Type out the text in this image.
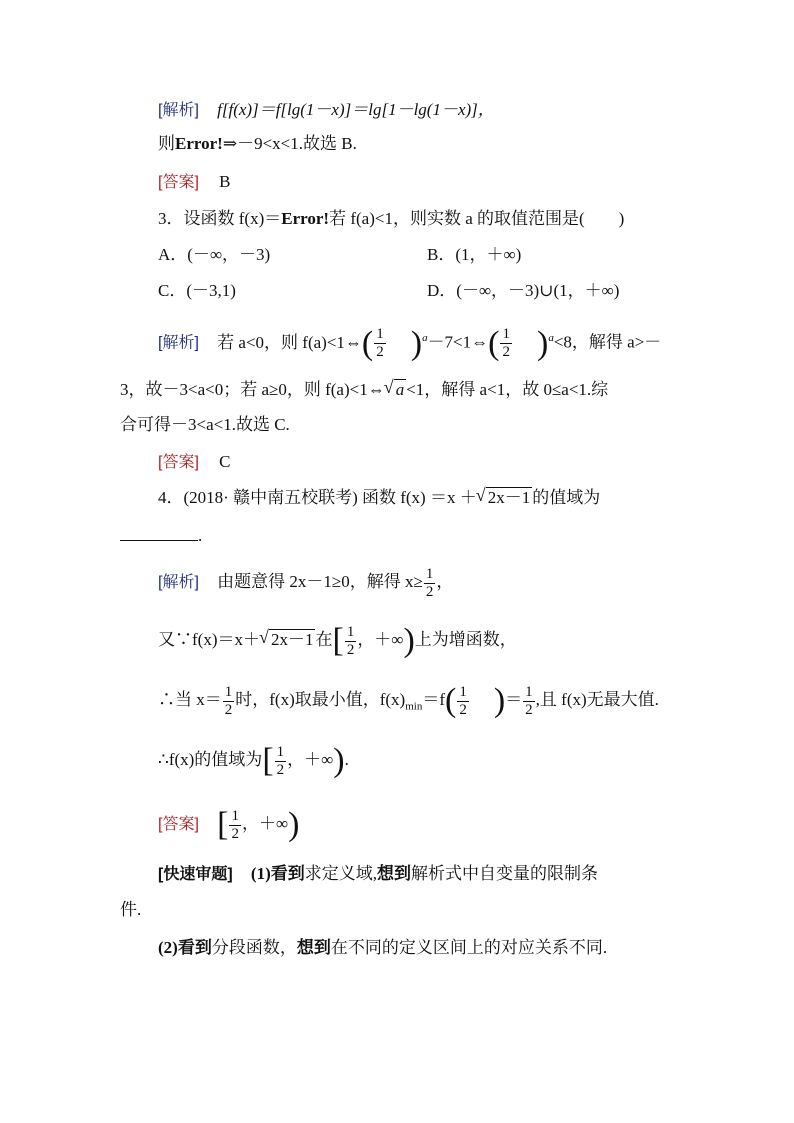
[解析] f[f(x)]＝f[lg(1－x)]＝lg[1－lg(1－x)]，
则Error!⇒－9<x<1.故选 B.
[答案] B
3．设函数 f(x)＝Error!若 f(a)<1，则实数 a 的取值范围是(　　)
A．(－∞，－3)	B．(1，＋∞)
C．(－3,1)	D．(－∞，－3)∪(1，＋∞)
[解析] 若 a<0，则 f(a)<1⇔( $\frac{1}{2}$ )$^a$－7<1⇔( $\frac{1}{2} )^a<8$，解得 a>－
3，故－3<a<0；若 a≥0，则 f(a)<1⇔ √ a <1，解得 a<1，故 0≤a<1.综
合可得－3<a<1.故选 C.
[答案] C
4．(2018· 赣中南五校联考) 函数 f(x) ＝x ＋ √ 2x－1 的值域为
.
[解析] 由题意得 2x－1≥0，解得 $x\ge \frac{1}{2}$ ，
又∵f(x)＝x＋ √ 2x－1 在[ $\frac{1}{2}$ ，＋∞)上为增函数，
∴当 $x= \frac{1}{2}$ 时，f(x)取最小值，$f(x)_{min}=f( \frac{1}{2}$ )＝ $\frac{1}{2}$ ,且 f(x)无最大值.
∴f(x)的值域为[ $\frac{1}{2}$ ，＋∞).
[答案] [ $\frac{1}{2}$ ，＋∞)
[快速审题] (1)看到求定义域,想到解析式中自变量的限制条
件.
(2)看到分段函数，想到在不同的定义区间上的对应关系不同.
